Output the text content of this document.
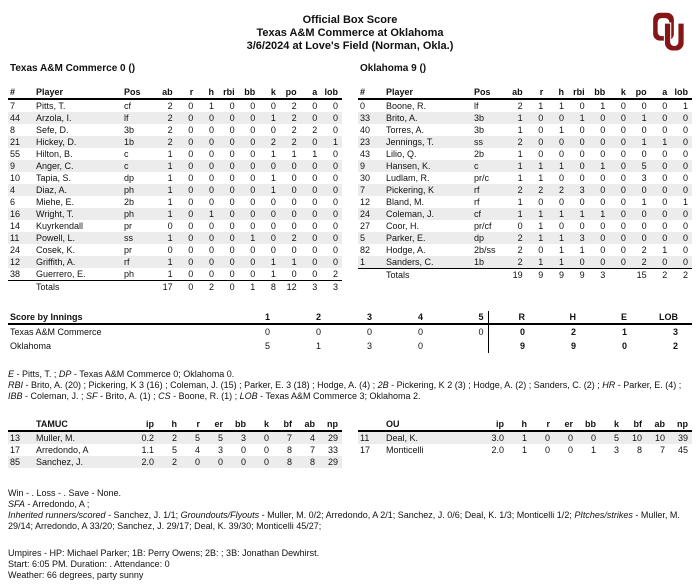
Official Box Score
Texas A&M Commerce at Oklahoma
3/6/2024 at Love's Field (Norman, Okla.)
Texas A&M Commerce 0 ()
#	Player	Pos	ab	r	h	rbi	bb	k	po	a	lob
7	Pitts, T.	cf	2	0	1	0	0	0	2	0	0
44	Arzola, I.	lf	2	0	0	0	0	1	2	0	0
8	Sefe, D.	3b	2	0	0	0	0	0	2	2	0
21	Hickey, D.	1b	2	0	0	0	0	2	2	0	1
55	Hilton, B.	c	1	0	0	0	0	1	1	1	0
9	Anger, C.	c	1	0	0	0	0	0	0	0	0
10	Tapia, S.	dp	1	0	0	0	0	1	0	0	0
4	Diaz, A.	ph	1	0	0	0	0	1	0	0	0
6	Miehe, E.	2b	1	0	0	0	0	0	0	0	0
16	Wright, T.	ph	1	0	1	0	0	0	0	0	0
14	Kuyrkendall	pr	0	0	0	0	0	0	0	0	0
11	Powell, L.	ss	1	0	0	0	1	0	2	0	0
24	Cosek, K.	pr	0	0	0	0	0	0	0	0	0
12	Griffith, A.	rf	1	0	0	0	0	1	1	0	0
38	Guerrero, E.	ph	1	0	0	0	0	1	0	0	2
	Totals		17	0	2	0	1	8	12	3	3
Oklahoma 9 ()
#	Player	Pos	ab	r	h	rbi	bb	k	po	a	lob
0	Boone, R.	lf	2	1	1	0	1	0	0	0	1
33	Brito, A.	3b	1	0	0	1	0	0	1	0	0
40	Torres, A.	3b	1	0	1	0	0	0	0	0	0
23	Jennings, T.	ss	2	0	0	0	0	0	1	1	0
43	Lilio, Q.	2b	1	0	0	0	0	0	0	0	0
9	Hansen, K.	c	1	1	1	0	1	0	5	0	0
30	Ludlam, R.	pr/c	1	1	0	0	0	0	3	0	0
7	Pickering, K	rf	2	2	2	3	0	0	0	0	0
12	Bland, M.	rf	1	0	0	0	0	0	1	0	1
24	Coleman, J.	cf	1	1	1	1	1	0	0	0	0
27	Coor, H.	pr/cf	0	1	0	0	0	0	0	0	0
5	Parker, E.	dp	2	1	1	3	0	0	0	0	0
82	Hodge, A.	2b/ss	2	0	1	1	0	0	2	1	0
1	Sanders, C.	1b	2	1	1	0	0	0	2	0	0
	Totals		19	9	9	9	3		15	2	2
Score by Innings	1	2	3	4	5	R	H	E	LOB
Texas A&M Commerce	0	0	0	0	0	0	2	1	3
Oklahoma	5	1	3	0		9	9	0	2
E - Pitts, T. ; DP - Texas A&M Commerce 0; Oklahoma 0.
RBI - Brito, A. (20) ; Pickering, K 3 (16) ; Coleman, J. (15) ; Parker, E. 3 (18) ; Hodge, A. (4) ; 2B - Pickering, K 2 (3) ; Hodge, A. (2) ; Sanders, C. (2) ; HR - Parker, E. (4) ; IBB - Coleman, J. ; SF - Brito, A. (1) ; CS - Boone, R. (1) ; LOB - Texas A&M Commerce 3; Oklahoma 2.
	TAMUC	ip	h	r	er	bb	k	bf	ab	np
13	Muller, M.	0.2	2	5	5	3	0	7	4	29
17	Arredondo, A	1.1	5	4	3	0	0	8	7	33
85	Sanchez, J.	2.0	2	0	0	0	0	8	8	29
	OU	ip	h	r	er	bb	k	bf	ab	np
11	Deal, K.	3.0	1	0	0	0	5	10	10	39
17	Monticelli	2.0	1	0	0	1	3	8	7	45
Win - . Loss - . Save - None.
SFA - Arredondo, A ;
Inherited runners/scored - Sanchez, J. 1/1; Groundouts/Flyouts - Muller, M. 0/2; Arredondo, A 2/1; Sanchez, J. 0/6; Deal, K. 1/3; Monticelli 1/2; PItches/strikes - Muller, M. 29/14; Arredondo, A 33/20; Sanchez, J. 29/17; Deal, K. 39/30; Monticelli 45/27;
Umpires - HP: Michael Parker; 1B: Perry Owens; 2B: ; 3B: Jonathan Dewhirst.
Start: 6:05 PM. Duration: . Attendance: 0
Weather: 66 degrees, party sunny
